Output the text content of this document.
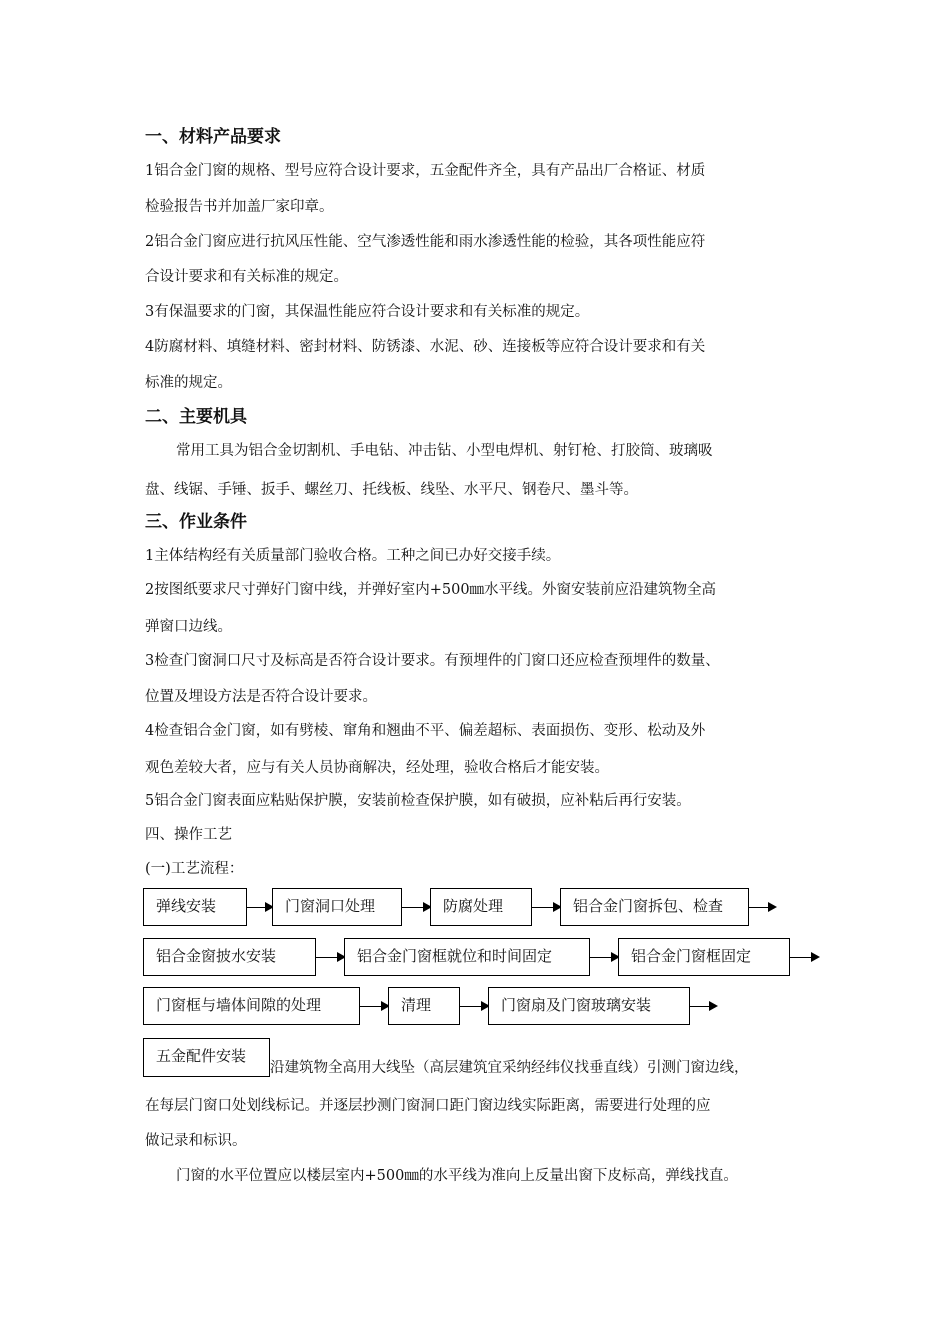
一、材料产品要求
1铝合金门窗的规格、型号应符合设计要求，五金配件齐全，具有产品出厂合格证、材质
检验报告书并加盖厂家印章。
2铝合金门窗应进行抗风压性能、空气渗透性能和雨水渗透性能的检验，其各项性能应符
合设计要求和有关标准的规定。
3有保温要求的门窗，其保温性能应符合设计要求和有关标准的规定。
4防腐材料、填缝材料、密封材料、防锈漆、水泥、砂、连接板等应符合设计要求和有关
标准的规定。
二、主要机具
常用工具为铝合金切割机、手电钻、冲击钻、小型电焊机、射钉枪、打胶筒、玻璃吸
盘、线锯、手锤、扳手、螺丝刀、托线板、线坠、水平尺、钢卷尺、墨斗等。
三、作业条件
1主体结构经有关质量部门验收合格。工种之间已办好交接手续。
2按图纸要求尺寸弹好门窗中线，并弹好室内+500㎜水平线。外窗安装前应沿建筑物全高
弹窗口边线。
3检查门窗洞口尺寸及标高是否符合设计要求。有预埋件的门窗口还应检查预埋件的数量、
位置及埋设方法是否符合设计要求。
4检查铝合金门窗，如有劈棱、窜角和翘曲不平、偏差超标、表面损伤、变形、松动及外
观色差较大者，应与有关人员协商解决，经处理，验收合格后才能安装。
5铝合金门窗表面应粘贴保护膜，安装前检查保护膜，如有破损，应补粘后再行安装。
四、操作工艺
(一)工艺流程：
弹线安装	门窗洞口处理	防腐处理	铝合金门窗拆包、检查
铝合金窗披水安装	铝合金门窗框就位和时间固定	铝合金门窗框固定
门窗框与墙体间隙的处理	清理	门窗扇及门窗玻璃安装
沿建筑物全高用大线坠（高层建筑宜采纳经纬仪找垂直线）引测门窗边线，
五金配件安装
在每层门窗口处划线标记。并逐层抄测门窗洞口距门窗边线实际距离，需要进行处理的应
做记录和标识。
门窗的水平位置应以楼层室内+500㎜的水平线为准向上反量出窗下皮标高，弹线找直。
